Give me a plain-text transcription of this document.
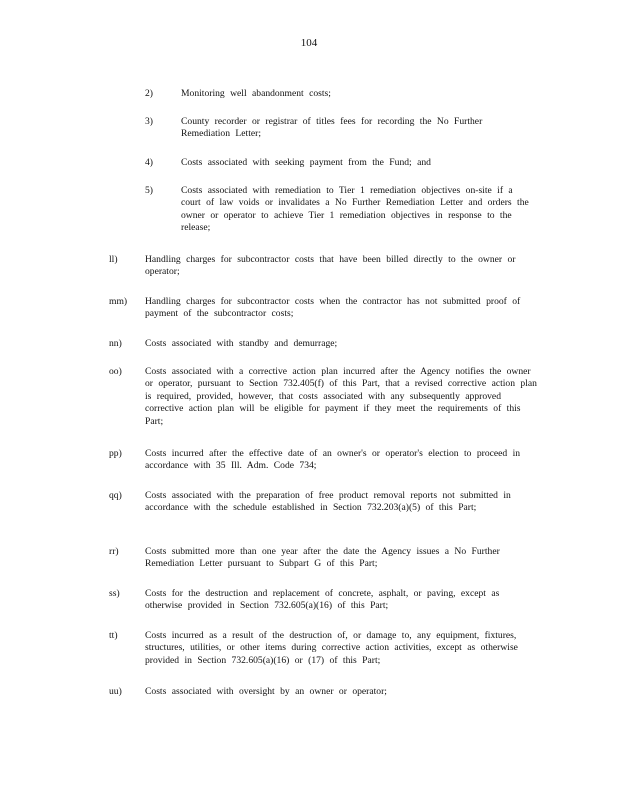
104
2)	Monitoring well abandonment costs;
3)	County recorder or registrar of titles fees for recording the No Further Remediation Letter;
4)	Costs associated with seeking payment from the Fund; and
5)	Costs associated with remediation to Tier 1 remediation objectives on-site if a court of law voids or invalidates a No Further Remediation Letter and orders the owner or operator to achieve Tier 1 remediation objectives in response to the release;
ll)	Handling charges for subcontractor costs that have been billed directly to the owner or operator;
mm) Handling charges for subcontractor costs when the contractor has not submitted proof of payment of the subcontractor costs;
nn) Costs associated with standby and demurrage;
oo) Costs associated with a corrective action plan incurred after the Agency notifies the owner or operator, pursuant to Section 732.405(f) of this Part, that a revised corrective action plan is required, provided, however, that costs associated with any subsequently approved corrective action plan will be eligible for payment if they meet the requirements of this Part;
pp) Costs incurred after the effective date of an owner's or operator's election to proceed in accordance with 35 Ill. Adm. Code 734;
qq) Costs associated with the preparation of free product removal reports not submitted in accordance with the schedule established in Section 732.203(a)(5) of this Part;
rr)	Costs submitted more than one year after the date the Agency issues a No Further Remediation Letter pursuant to Subpart G of this Part;
ss)	Costs for the destruction and replacement of concrete, asphalt, or paving, except as otherwise provided in Section 732.605(a)(16) of this Part;
tt)	Costs incurred as a result of the destruction of, or damage to, any equipment, fixtures, structures, utilities, or other items during corrective action activities, except as otherwise provided in Section 732.605(a)(16) or (17) of this Part;
uu) Costs associated with oversight by an owner or operator;
